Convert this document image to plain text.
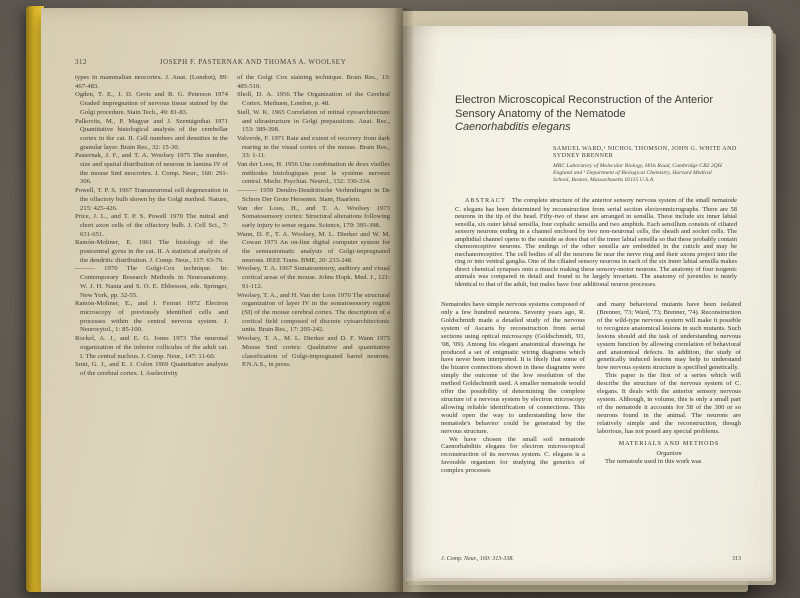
312	JOSEPH F. PASTERNAK AND THOMAS A. WOOLSEY

types in mammalian neocortex. J. Anat. (London), 89: 467-483.

Ogden, T. E., J. D. Grots and R. G. Peterson 1974 Graded impregnation of nervous tissue stained by the Golgi procedure. Stain Tech., 49: 81-83.

Palkovits, M., P. Magyar and J. Szentágothai 1971 Quantitative histological analysis of the cerebellar cortex in the cat. II. Cell numbers and densities in the granular layer. Brain Res., 32: 15-30.

Pasternak, J. F., and T. A. Woolsey 1975 The number, size and spatial distribution of neurons in lamina IV of the mouse SmI neocortex. J. Comp. Neur., 160: 291-306.

Powell, T. P. S. 1967 Transneuronal cell degeneration in the olfactory bulb shown by the Golgi method. Nature, 215: 425-426.

Price, J. L., and T. P. S. Powell 1970 The mitral and short axon cells of the olfactory bulb. J. Cell Sci., 7: 631-651.

Ramón-Moliner, E. 1961 The histology of the postcentral gyrus in the cat. II. A statistical analysis of the dendritic distribution. J. Comp. Neur., 117: 63-76.

——— 1970 The Golgi-Cox technique. In: Contemporary Research Methods in Neuroanatomy. W. J. H. Nauta and S. O. E. Ebbesson, eds. Springer, New York, pp. 32-55.

Ramón-Moliner, E., and J. Ferrari 1972 Electron microscopy of previously identified cells and processes within the central nervous system. J. Neurocytol., 1: 85-100.

Rockel, A. J., and E. G. Jones 1973 The neuronal organization of the inferior colliculus of the adult cat. I. The central nucleus. J. Comp. Neur., 147: 11-60.

Smit, G. J., and E. J. Colon 1969 Quantitative analysis of the cerebral cortex. I. Aselectivity

of the Golgi Cox staining technique. Brain Res., 13: 485-510.

Sholl, D. A. 1956 The Organization of the Cerebral Cortex. Methuen, London, p. 48.

Stell, W. K. 1965 Correlation of retinal cytoarchitecture and ultrastructure in Golgi preparations. Anat. Rec., 153: 389-398.

Valverde, F. 1971 Rate and extent of recovery from dark rearing in the visual cortex of the mouse. Brain Res., 33: 1-11.

Van der Loos, H. 1956 Une combination de deux vieilles méthodes histologiques pour le système nerveux central. Mschr. Psychiat. Neurol., 132: 330-334.

——— 1959 Dendro-Dendritische Verbindingen in De Schors Der Grote Hersenen. Stam, Haarlem.

Van der Loos, H., and T. A. Woolsey 1973 Somatosensory cortex: Structural alterations following early injury to sense organs. Science, 179: 395-398.

Wann, D. F., T. A. Woolsey, M. L. Dierker and W. M. Cowan 1973 An on-line digital computer system for the semiautomatic analysis of Golgi-impregnated neurons. IEEE Trans. BME, 20: 233-248.

Woolsey, T. A. 1967 Somatosensory, auditory and visual cortical areas of the mouse. Johns Hopk. Med. J., 121: 91-112.

Woolsey, T. A., and H. Van der Loos 1970 The structural organization of layer IV in the somatosensory region (SI) of the mouse cerebral cortex. The description of a cortical field composed of discrete cytoarchitectonic units. Brain Res., 17: 205-242.

Woolsey, T. A., M. L. Dierker and D. F. Wann 1975 Mouse SmI cortex: Qualitative and quantitative classification of Golgi-impregnated barrel neurons. P.N.A.S., in press.

Electron Microscopical Reconstruction of the Anterior
Sensory Anatomy of the Nematode
Caenorhabditis elegans
SAMUEL WARD,¹ NICHOL THOMSON, JOHN G. WHITE AND
SYDNEY BRENNER
MRC Laboratory of Molecular Biology, Hills Road, Cambridge CB2 2QH England and ¹ Department of Biological Chemistry, Harvard Medical School, Boston, Massachusetts 02115 U.S.A.

ABSTRACT The complete structure of the anterior sensory nervous system of the small nematode C. elegans has been determined by reconstruction from serial section electronmicrographs. There are 58 neurons in the tip of the head. Fifty-two of these are arranged in sensilla. These include six inner labial sensilla, six outer labial sensilla, four cephalic sensilla and two amphids. Each sensillum consists of ciliated sensory neurons ending in a channel enclosed by two non-neuronal cells, the sheath and socket cells. The amphidial channel opens to the outside as does that of the inner labial sensilla so that these probably contain chemoreceptive neurons. The endings of the other sensilla are embedded in the cuticle and may be mechanoreceptive. The cell bodies of all the neurons lie near the nerve ring and their axons project into the ring or into ventral ganglia. One of the ciliated sensory neurons in each of the six inner labial sensilla makes direct chemical synapses onto a muscle making these sensory-motor neurons. The anatomy of four isogenic animals was compared in detail and found to be largely invariant. The anatomy of juveniles is nearly identical to that of the adult, but males have four additional neuron processes.

Nematodes have simple nervous systems composed of only a few hundred neurons. Seventy years ago, R. Goldschmidt made a detailed study of the nervous system of Ascaris by reconstruction from serial sections using optical microscopy (Goldschmidt, '03, '08, '09). Among his elegant anatomical drawings he produced a set of enigmatic wiring diagrams which have never been interpreted. It is likely that some of the bizarre connections shown in these diagrams were simply the outcome of the low resolution of the method Goldschmidt used. A smaller nematode would offer the possibility of determining the complete structure of a nervous system by electron microscopy allowing reliable identification of connections. This would open the way to understanding how the nematode's behavior could be generated by the nervous structure.

We have chosen the small soil nematode Caenorhabditis elegans for electron microscopical reconstruction of its nervous system. C. elegans is a favorable organism for studying the genetics of complex processes

and many behavioral mutants have been isolated (Brenner, '73; Ward, '73; Brenner, '74). Reconstruction of the wild-type nervous system will make it possible to recognize anatomical lesions in such mutants. Such lesions should aid the task of understanding nervous system function by allowing correlation of behavioral and anatomical defects. In addition, the study of genetically induced lesions may help to understand how nervous system structure is specified genetically.

This paper is the first of a series which will describe the structure of the nervous system of C. elegans. It deals with the anterior sensory nervous system. Although, in volume, this is only a small part of the nematode it accounts for 58 of the 300 or so neurons found in the animal. The neurons are relatively simple and the reconstruction, though laborious, has not posed any special problems.

MATERIALS AND METHODS
Organism

The nematode used in this work was

J. Comp. Neur., 160: 313-338.	313
